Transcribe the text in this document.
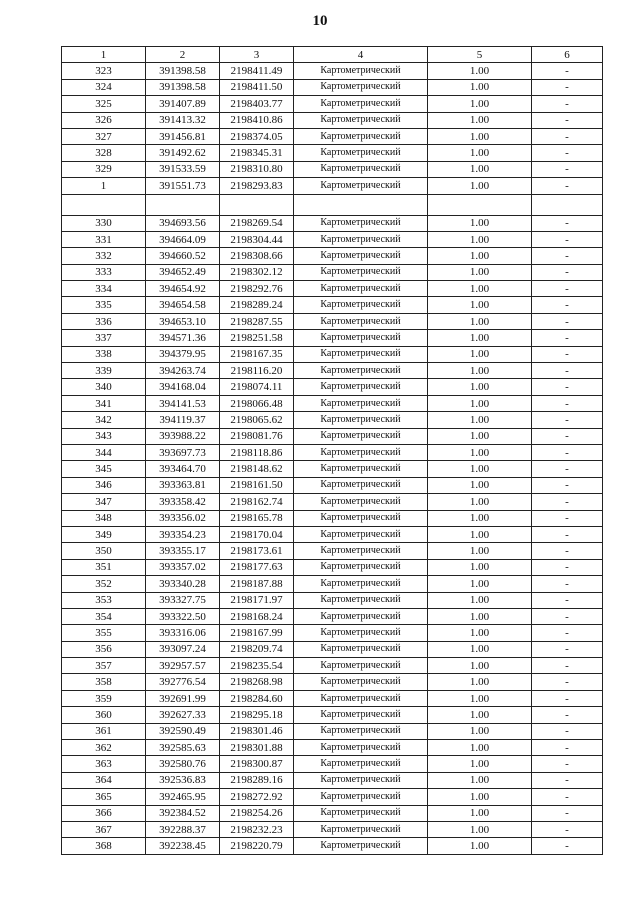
10
1	2	3	4	5	6
323	391398.58	2198411.49	Картометрический	1.00	-
324	391398.58	2198411.50	Картометрический	1.00	-
325	391407.89	2198403.77	Картометрический	1.00	-
326	391413.32	2198410.86	Картометрический	1.00	-
327	391456.81	2198374.05	Картометрический	1.00	-
328	391492.62	2198345.31	Картометрический	1.00	-
329	391533.59	2198310.80	Картометрический	1.00	-
1	391551.73	2198293.83	Картометрический	1.00	-

330	394693.56	2198269.54	Картометрический	1.00	-
331	394664.09	2198304.44	Картометрический	1.00	-
332	394660.52	2198308.66	Картометрический	1.00	-
333	394652.49	2198302.12	Картометрический	1.00	-
334	394654.92	2198292.76	Картометрический	1.00	-
335	394654.58	2198289.24	Картометрический	1.00	-
336	394653.10	2198287.55	Картометрический	1.00	-
337	394571.36	2198251.58	Картометрический	1.00	-
338	394379.95	2198167.35	Картометрический	1.00	-
339	394263.74	2198116.20	Картометрический	1.00	-
340	394168.04	2198074.11	Картометрический	1.00	-
341	394141.53	2198066.48	Картометрический	1.00	-
342	394119.37	2198065.62	Картометрический	1.00	-
343	393988.22	2198081.76	Картометрический	1.00	-
344	393697.73	2198118.86	Картометрический	1.00	-
345	393464.70	2198148.62	Картометрический	1.00	-
346	393363.81	2198161.50	Картометрический	1.00	-
347	393358.42	2198162.74	Картометрический	1.00	-
348	393356.02	2198165.78	Картометрический	1.00	-
349	393354.23	2198170.04	Картометрический	1.00	-
350	393355.17	2198173.61	Картометрический	1.00	-
351	393357.02	2198177.63	Картометрический	1.00	-
352	393340.28	2198187.88	Картометрический	1.00	-
353	393327.75	2198171.97	Картометрический	1.00	-
354	393322.50	2198168.24	Картометрический	1.00	-
355	393316.06	2198167.99	Картометрический	1.00	-
356	393097.24	2198209.74	Картометрический	1.00	-
357	392957.57	2198235.54	Картометрический	1.00	-
358	392776.54	2198268.98	Картометрический	1.00	-
359	392691.99	2198284.60	Картометрический	1.00	-
360	392627.33	2198295.18	Картометрический	1.00	-
361	392590.49	2198301.46	Картометрический	1.00	-
362	392585.63	2198301.88	Картометрический	1.00	-
363	392580.76	2198300.87	Картометрический	1.00	-
364	392536.83	2198289.16	Картометрический	1.00	-
365	392465.95	2198272.92	Картометрический	1.00	-
366	392384.52	2198254.26	Картометрический	1.00	-
367	392288.37	2198232.23	Картометрический	1.00	-
368	392238.45	2198220.79	Картометрический	1.00	-
